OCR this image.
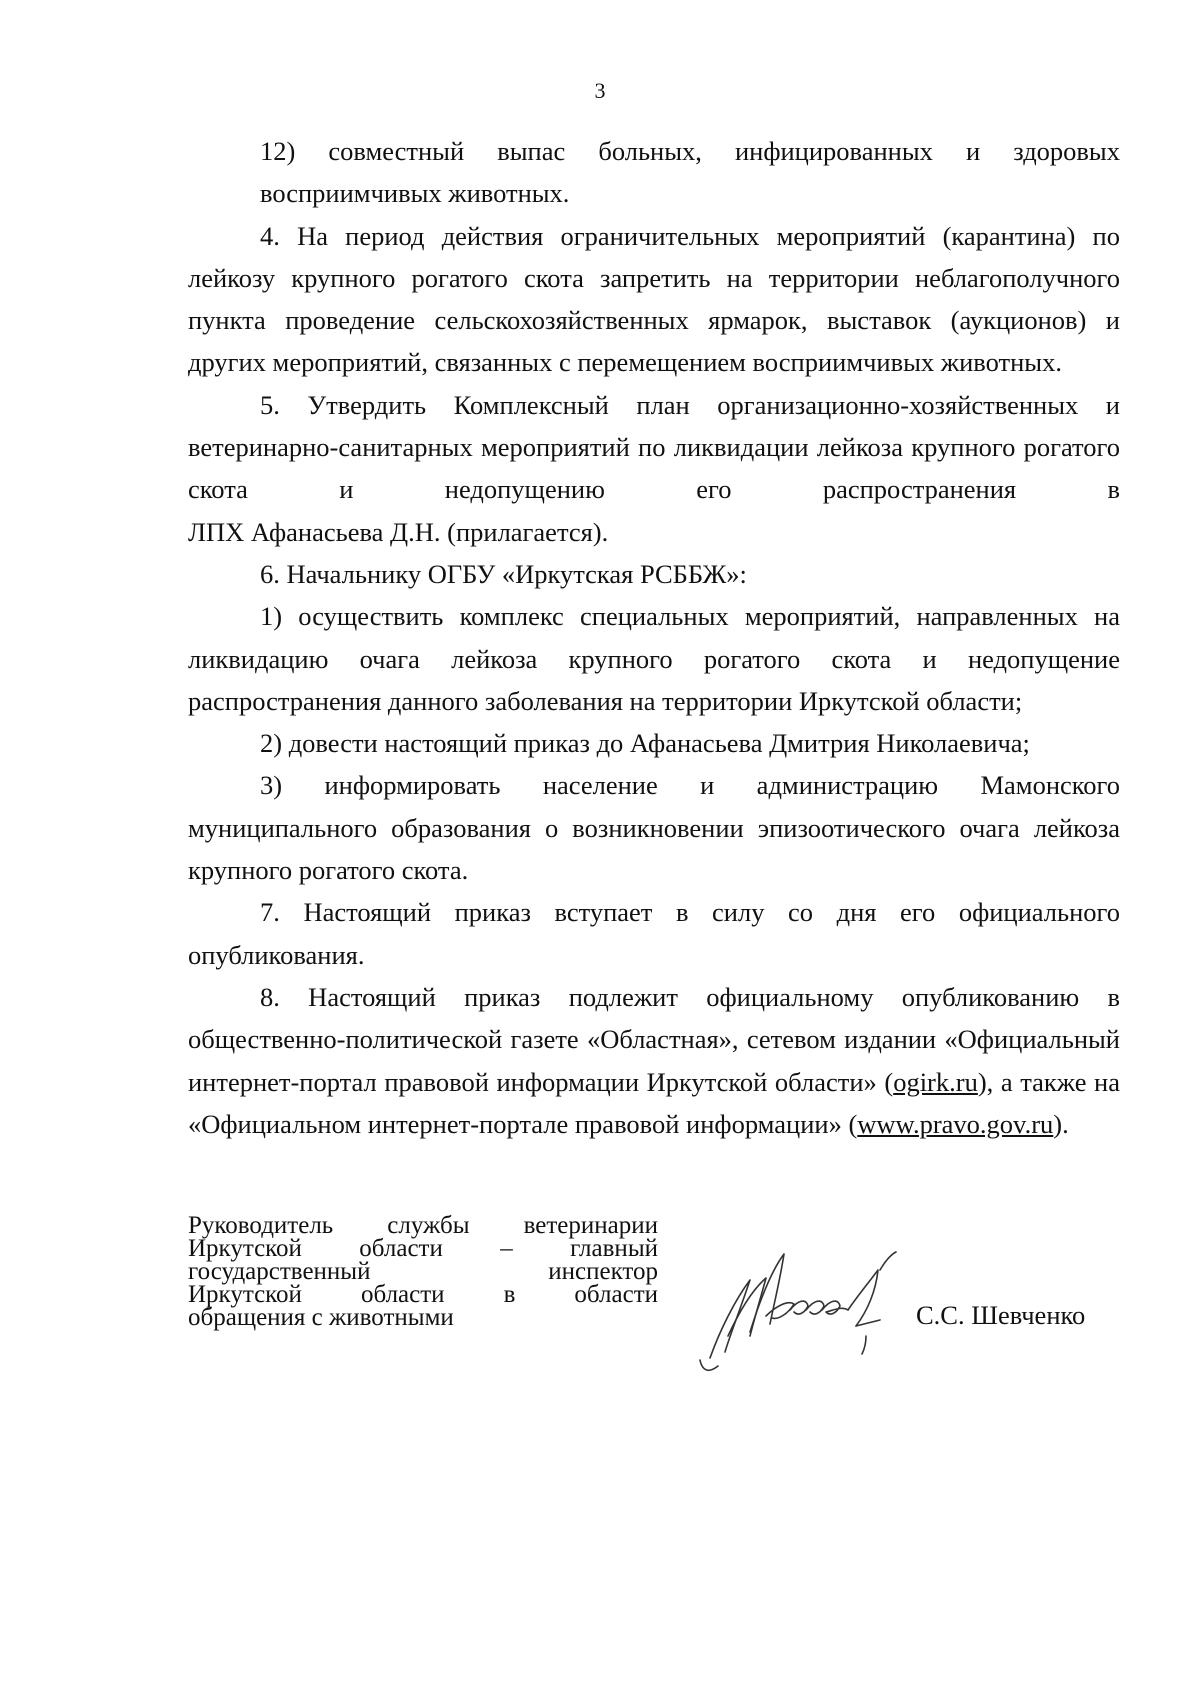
3

12) совместный выпас больных, инфицированных и здоровых
восприимчивых животных.

4. На период действия ограничительных мероприятий (карантина) по лейкозу крупного рогатого скота запретить на территории неблагополучного пункта проведение сельскохозяйственных ярмарок, выставок (аукционов) и других мероприятий, связанных с перемещением восприимчивых животных.

5. Утвердить Комплексный план организационно-хозяйственных и ветеринарно-санитарных мероприятий по ликвидации лейкоза крупного рогатого скота и недопущению его распространения в
ЛПХ Афанасьева Д.Н. (прилагается).

6. Начальнику ОГБУ «Иркутская РСББЖ»:

1) осуществить комплекс специальных мероприятий, направленных на ликвидацию очага лейкоза крупного рогатого скота и недопущение распространения данного заболевания на территории Иркутской области;

2) довести настоящий приказ до Афанасьева Дмитрия Николаевича;

3) информировать население и администрацию Мамонского муниципального образования о возникновении эпизоотического очага лейкоза крупного рогатого скота.

7. Настоящий приказ вступает в силу со дня его официального опубликования.

8. Настоящий приказ подлежит официальному опубликованию в общественно-политической газете «Областная», сетевом издании «Официальный интернет-портал правовой информации Иркутской области» (ogirk.ru), а также на «Официальном интернет-портале правовой информации» (www.pravo.gov.ru).

Руководитель службы ветеринарии
Иркутской области – главный
государственный инспектор
Иркутской области в области
обращения с животными	С.С. Шевченко
